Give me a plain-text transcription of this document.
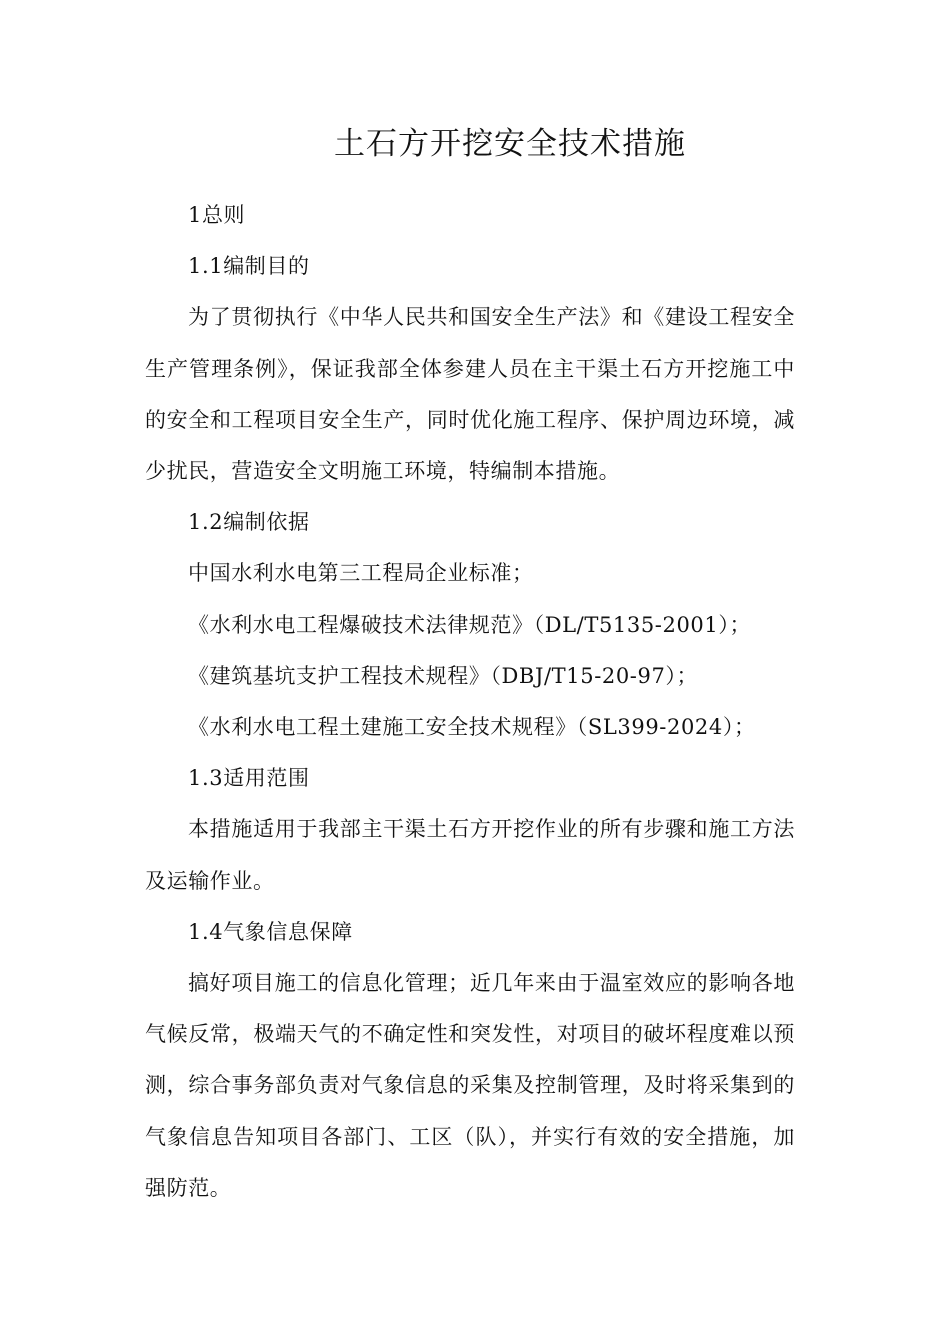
土石方开挖安全技术措施

1总则

1.1编制目的

为了贯彻执行《中华人民共和国安全生产法》和《建设工程安全生产管理条例》，保证我部全体参建人员在主干渠土石方开挖施工中的安全和工程项目安全生产，同时优化施工程序、保护周边环境，减少扰民，营造安全文明施工环境，特编制本措施。

1.2编制依据

中国水利水电第三工程局企业标准；

《水利水电工程爆破技术法律规范》（DL/T5135-2001）；

《建筑基坑支护工程技术规程》（DBJ/T15-20-97）；

《水利水电工程土建施工安全技术规程》（SL399-2024）；

1.3适用范围

本措施适用于我部主干渠土石方开挖作业的所有步骤和施工方法及运输作业。

1.4气象信息保障

搞好项目施工的信息化管理；近几年来由于温室效应的影响各地气候反常，极端天气的不确定性和突发性，对项目的破坏程度难以预测，综合事务部负责对气象信息的采集及控制管理，及时将采集到的气象信息告知项目各部门、工区（队），并实行有效的安全措施，加强防范。
